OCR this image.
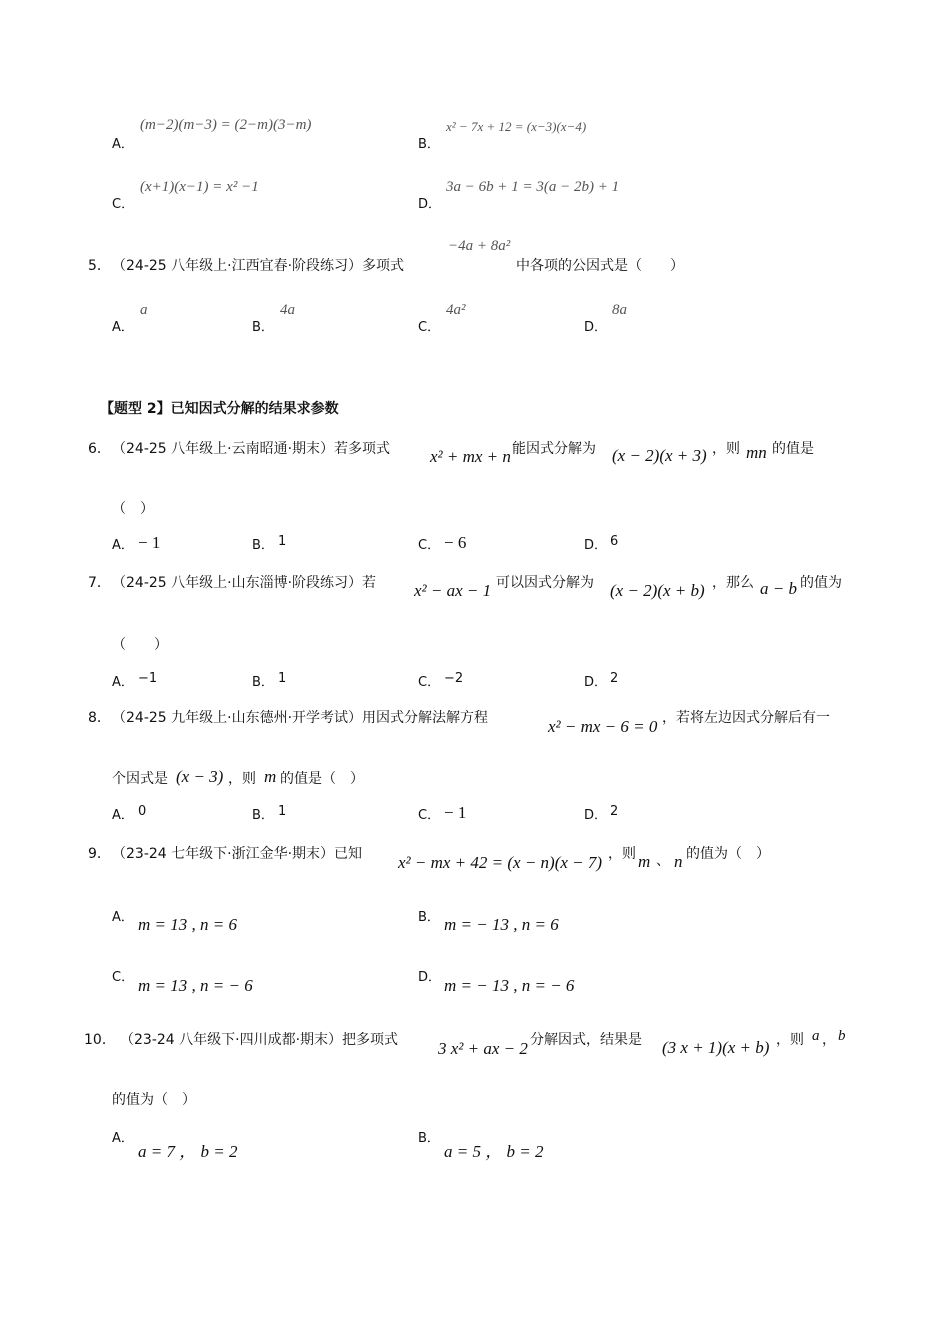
A．
(m−2)(m−3) = (2−m)(3−m)
B．
x² − 7x + 12 = (x−3)(x−4)
C．
(x+1)(x−1) = x² −1
D．
3a − 6b + 1 = 3(a − 2b) + 1
5． （24-25 八年级上·江西宜春·阶段练习）多项式
−4a + 8a²
中各项的公因式是（　　）
A．
a
B．
4a
C．
4a²
D．
8a
【题型 2】已知因式分解的结果求参数
6． （24-25 八年级上·云南昭通·期末）若多项式 x² + mx + n 能因式分解为 (x − 2)(x + 3) ，则 mn 的值是
（　）
A． − 1	B． 1	C． − 6	D． 6
7． （24-25 八年级上·山东淄博·阶段练习）若 x² − ax − 1 可以因式分解为 (x − 2)(x + b) ，那么 a − b 的值为
（　　）
A． −1	B． 1	C． −2	D． 2
8． （24-25 九年级上·山东德州·开学考试）用因式分解法解方程	x² − mx − 6 = 0 ，若将左边因式分解后有一
个因式是 (x − 3) ，则 m 的值是（　）
A． 0	B． 1	C． − 1	D． 2
9． （23-24 七年级下·浙江金华·期末）已知 x² − mx + 42 = (x − n)(x − 7) ，则 m 、 n 的值为（　）
A． m = 13 , n = 6	B． m = − 13 , n = 6
C． m = 13 , n = − 6	D． m = − 13 , n = − 6
10． （23-24 八年级下·四川成都·期末）把多项式 3 x² + ax − 2 分解因式，结果是 (3 x + 1)(x + b) ，则 a ， b
的值为（　）
A．
a = 7 ， b = 2
B．
a = 5 ， b = 2
